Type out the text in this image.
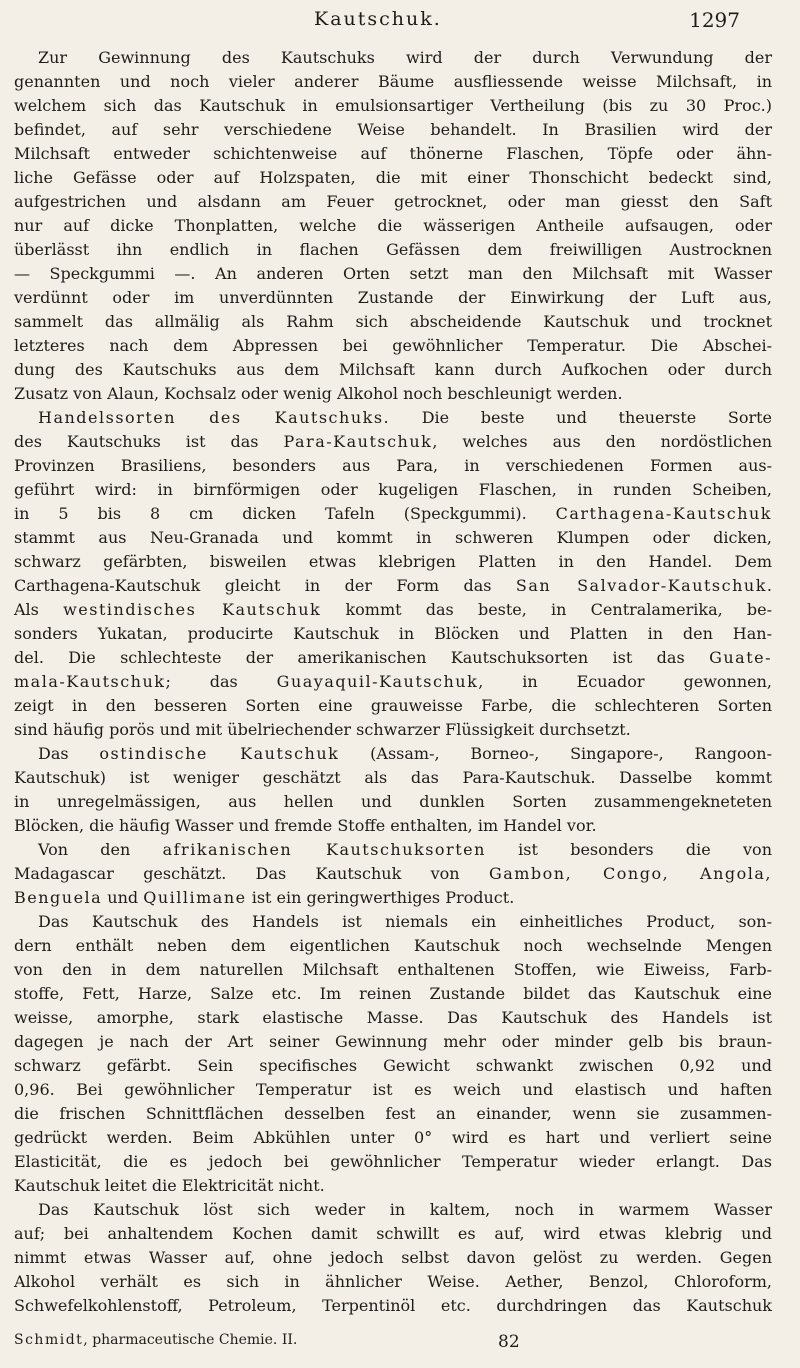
Kautschuk.	1297
Zur Gewinnung des Kautschuks wird der durch Verwundung der
genannten und noch vieler anderer Bäume ausfliessende weisse Milchsaft, in
welchem sich das Kautschuk in emulsionsartiger Vertheilung (bis zu 30 Proc.)
befindet, auf sehr verschiedene Weise behandelt. In Brasilien wird der
Milchsaft entweder schichtenweise auf thönerne Flaschen, Töpfe oder ähn-
liche Gefässe oder auf Holzspaten, die mit einer Thonschicht bedeckt sind,
aufgestrichen und alsdann am Feuer getrocknet, oder man giesst den Saft
nur auf dicke Thonplatten, welche die wässerigen Antheile aufsaugen, oder
überlässt ihn endlich in flachen Gefässen dem freiwilligen Austrocknen
— Speckgummi —. An anderen Orten setzt man den Milchsaft mit Wasser
verdünnt oder im unverdünnten Zustande der Einwirkung der Luft aus,
sammelt das allmälig als Rahm sich abscheidende Kautschuk und trocknet
letzteres nach dem Abpressen bei gewöhnlicher Temperatur. Die Abschei-
dung des Kautschuks aus dem Milchsaft kann durch Aufkochen oder durch
Zusatz von Alaun, Kochsalz oder wenig Alkohol noch beschleunigt werden.
Handelssorten des Kautschuks. Die beste und theuerste Sorte
des Kautschuks ist das Para-Kautschuk, welches aus den nordöstlichen
Provinzen Brasiliens, besonders aus Para, in verschiedenen Formen aus-
geführt wird: in birnförmigen oder kugeligen Flaschen, in runden Scheiben,
in 5 bis 8 cm dicken Tafeln (Speckgummi). Carthagena-Kautschuk
stammt aus Neu-Granada und kommt in schweren Klumpen oder dicken,
schwarz gefärbten, bisweilen etwas klebrigen Platten in den Handel. Dem
Carthagena-Kautschuk gleicht in der Form das San Salvador-Kautschuk.
Als westindisches Kautschuk kommt das beste, in Centralamerika, be-
sonders Yukatan, producirte Kautschuk in Blöcken und Platten in den Han-
del. Die schlechteste der amerikanischen Kautschuksorten ist das Guate-
mala-Kautschuk; das Guayaquil-Kautschuk, in Ecuador gewonnen,
zeigt in den besseren Sorten eine grauweisse Farbe, die schlechteren Sorten
sind häufig porös und mit übelriechender schwarzer Flüssigkeit durchsetzt.
Das ostindische Kautschuk (Assam-, Borneo-, Singapore-, Rangoon-
Kautschuk) ist weniger geschätzt als das Para-Kautschuk. Dasselbe kommt
in unregelmässigen, aus hellen und dunklen Sorten zusammengekneteten
Blöcken, die häufig Wasser und fremde Stoffe enthalten, im Handel vor.
Von den afrikanischen Kautschuksorten ist besonders die von
Madagascar geschätzt. Das Kautschuk von Gambon, Congo, Angola,
Benguela und Quillimane ist ein geringwerthiges Product.
Das Kautschuk des Handels ist niemals ein einheitliches Product, son-
dern enthält neben dem eigentlichen Kautschuk noch wechselnde Mengen
von den in dem naturellen Milchsaft enthaltenen Stoffen, wie Eiweiss, Farb-
stoffe, Fett, Harze, Salze etc. Im reinen Zustande bildet das Kautschuk eine
weisse, amorphe, stark elastische Masse. Das Kautschuk des Handels ist
dagegen je nach der Art seiner Gewinnung mehr oder minder gelb bis braun-
schwarz gefärbt. Sein specifisches Gewicht schwankt zwischen 0,92 und
0,96. Bei gewöhnlicher Temperatur ist es weich und elastisch und haften
die frischen Schnittflächen desselben fest an einander, wenn sie zusammen-
gedrückt werden. Beim Abkühlen unter 0° wird es hart und verliert seine
Elasticität, die es jedoch bei gewöhnlicher Temperatur wieder erlangt. Das
Kautschuk leitet die Elektricität nicht.
Das Kautschuk löst sich weder in kaltem, noch in warmem Wasser
auf; bei anhaltendem Kochen damit schwillt es auf, wird etwas klebrig und
nimmt etwas Wasser auf, ohne jedoch selbst davon gelöst zu werden. Gegen
Alkohol verhält es sich in ähnlicher Weise. Aether, Benzol, Chloroform,
Schwefelkohlenstoff, Petroleum, Terpentinöl etc. durchdringen das Kautschuk
Schmidt, pharmaceutische Chemie. II.	82
